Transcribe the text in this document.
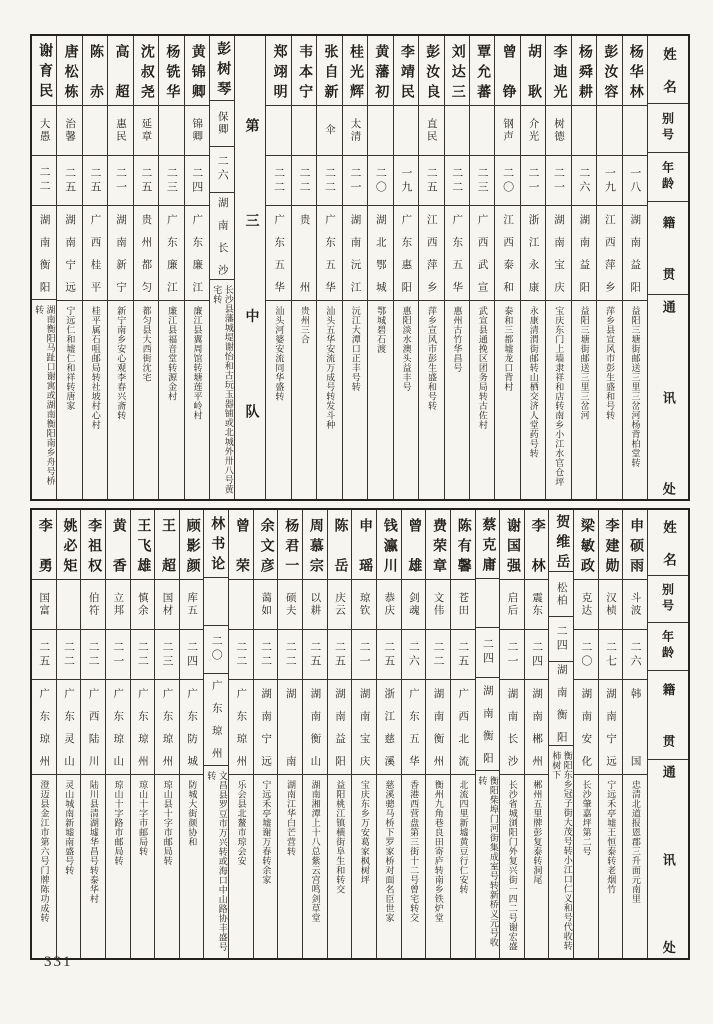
姓名
别号
年龄
籍贯
通讯处
杨华林
一八
湖南益阳
益阳三塘街邮送三里三岔河杨背柏堂转
彭汝容
一九
江西萍乡
萍乡县宣风市彭生盛和号转
杨舜耕
二六
湖南益阳
益阳三塘街邮送三里三岔河
李迪光
树德
二一
湖南宝庆
宝庆东门上墙隶祥和店转南乡小江水官仓坪
胡耿
介光
二一
浙江永康
永康清渭街邮转山栖交济人堂药号转
曾铮
钢声
二〇
江西泰和
泰和三都墟龙口背村
覃允蕃
二三
广西武宣
武宣县通挽区团务局转古佐村
刘达三
二二
广东五华
惠州古竹华昌号
彭汝良
直民
二五
江西萍乡
萍乡宣风市彭生盛和号转
李靖民
一九
广东惠阳
惠阳淡水澳头益丰号
黄藩初
二〇
湖北鄂城
鄂城碧石渡
桂光辉
太清
二一
湖南沅江
沅江大潭口正丰号转
张自新
伞
二二
广东五华
汕头五华安流万成号转发斗种
韦本宁
二二
贵州
贵州三合
郑翊明
二二
广东五华
汕头河婆安流同华盛转
第三中队
彭树琴
保卿
二六
湖南长沙
长沙县藩城堤谢怡和古玩玉器铺或北城外卅八号黄宅转
黄锦卿
锦卿
二四
广东廉江
廉江县翼周馆转塘莲平岭村
杨铣华
二三
广东廉江
廉江县福音堂转源金村
沈叔尧
延章
二五
贵州都匀
都匀县大西街沈宅
高超
惠民
二一
湖南新宁
新宁南乡安心观李春兴斋转
陈赤
二五
广西桂平
桂平属石咀邮局转社坡村心村
唐松栋
治馨
二五
湖南宁远
宁远仁和墟仁和祥转唐家
谢育民
大愚
二二
湖南衡阳
湖南衡阳马趾口谢寓或湖南衡阳南乡舟号桥转
姓名
别号
年龄
籍贯
通讯处
申硕雨
斗波
二六
韩国
忠清北道报恩郡三升面元南里
李建勋
汉桢
二七
湖南宁远
宁远禾亭墟王恒泰转老烟竹
梁敏政
克达
二〇
湖南安化
长沙肇嘉坪第二号
贺维岳
松柏
二四
湖南衡阳
衡阳东乡冠子街大茂号转小江口仁义和号代收转柿树下
李林
震东
二四
湖南郴州
郴州五里牌彭复泰转洞尾
谢国强
启后
二一
湖南长沙
长沙省城浏阳门外复兴街一四二号谢宏盛
蔡克庸
二四
湖南衡阳
衡阳柴埠门河街集成室号转新桥义元号收转
陈有馨
苍田
二五
广西北流
北流四里新墟黄豆行仁安转
费荣章
文伟
二二
湖南衡州
衡州九角巷良田寄庐转南乡铁炉堂
曾雄
剑魂
二六
广东五华
香港西营盘第三街十二号曾宅转交
钱瀛川
恭庆
二五
浙江慈溪
慈溪骢马桥下罗家桥对面名臣世家
申瑶
琼钦
二一
湖南宝庆
宝庆东乡万安葛家枫树坪
陈岳
庆云
二五
湖南益阳
益阳桃江镇横街阜生和转交
周慕宗
以耕
二五
湖南衡山
湖南湘潭上十八总紫云宫鸣剑草堂
杨君一
硕夫
二二
湖南
湖南江华白芒营转
余文彦
蔼如
二二
湖南宁远
宁远禾亭墟谢万春转余家
曾荣
二二
广东琼州
乐会县北鳌市琼会安
林书论
二〇
广东琼州
文昌县罗豆市万兴转或海口中山路协丰盛号转
顾影颜
库五
二四
广东防城
防城大街颜协和
王超
国材
二三
广东琼州
琼山县十字市邮局转
王飞雄
慎余
二二
广东琼州
琼山十字市邮局转
黄香
立邦
二一
广东琼山
琼山十字路市邮局转
李祖权
伯符
二二
广西陆川
陆川县清湖墟华昌号转泰华村
姚必矩
二二
广东灵山
灵山城南新墟南盛号转
李勇
国富
二五
广东琼州
澄迈县金江市第六号门牌陈功成转
331
